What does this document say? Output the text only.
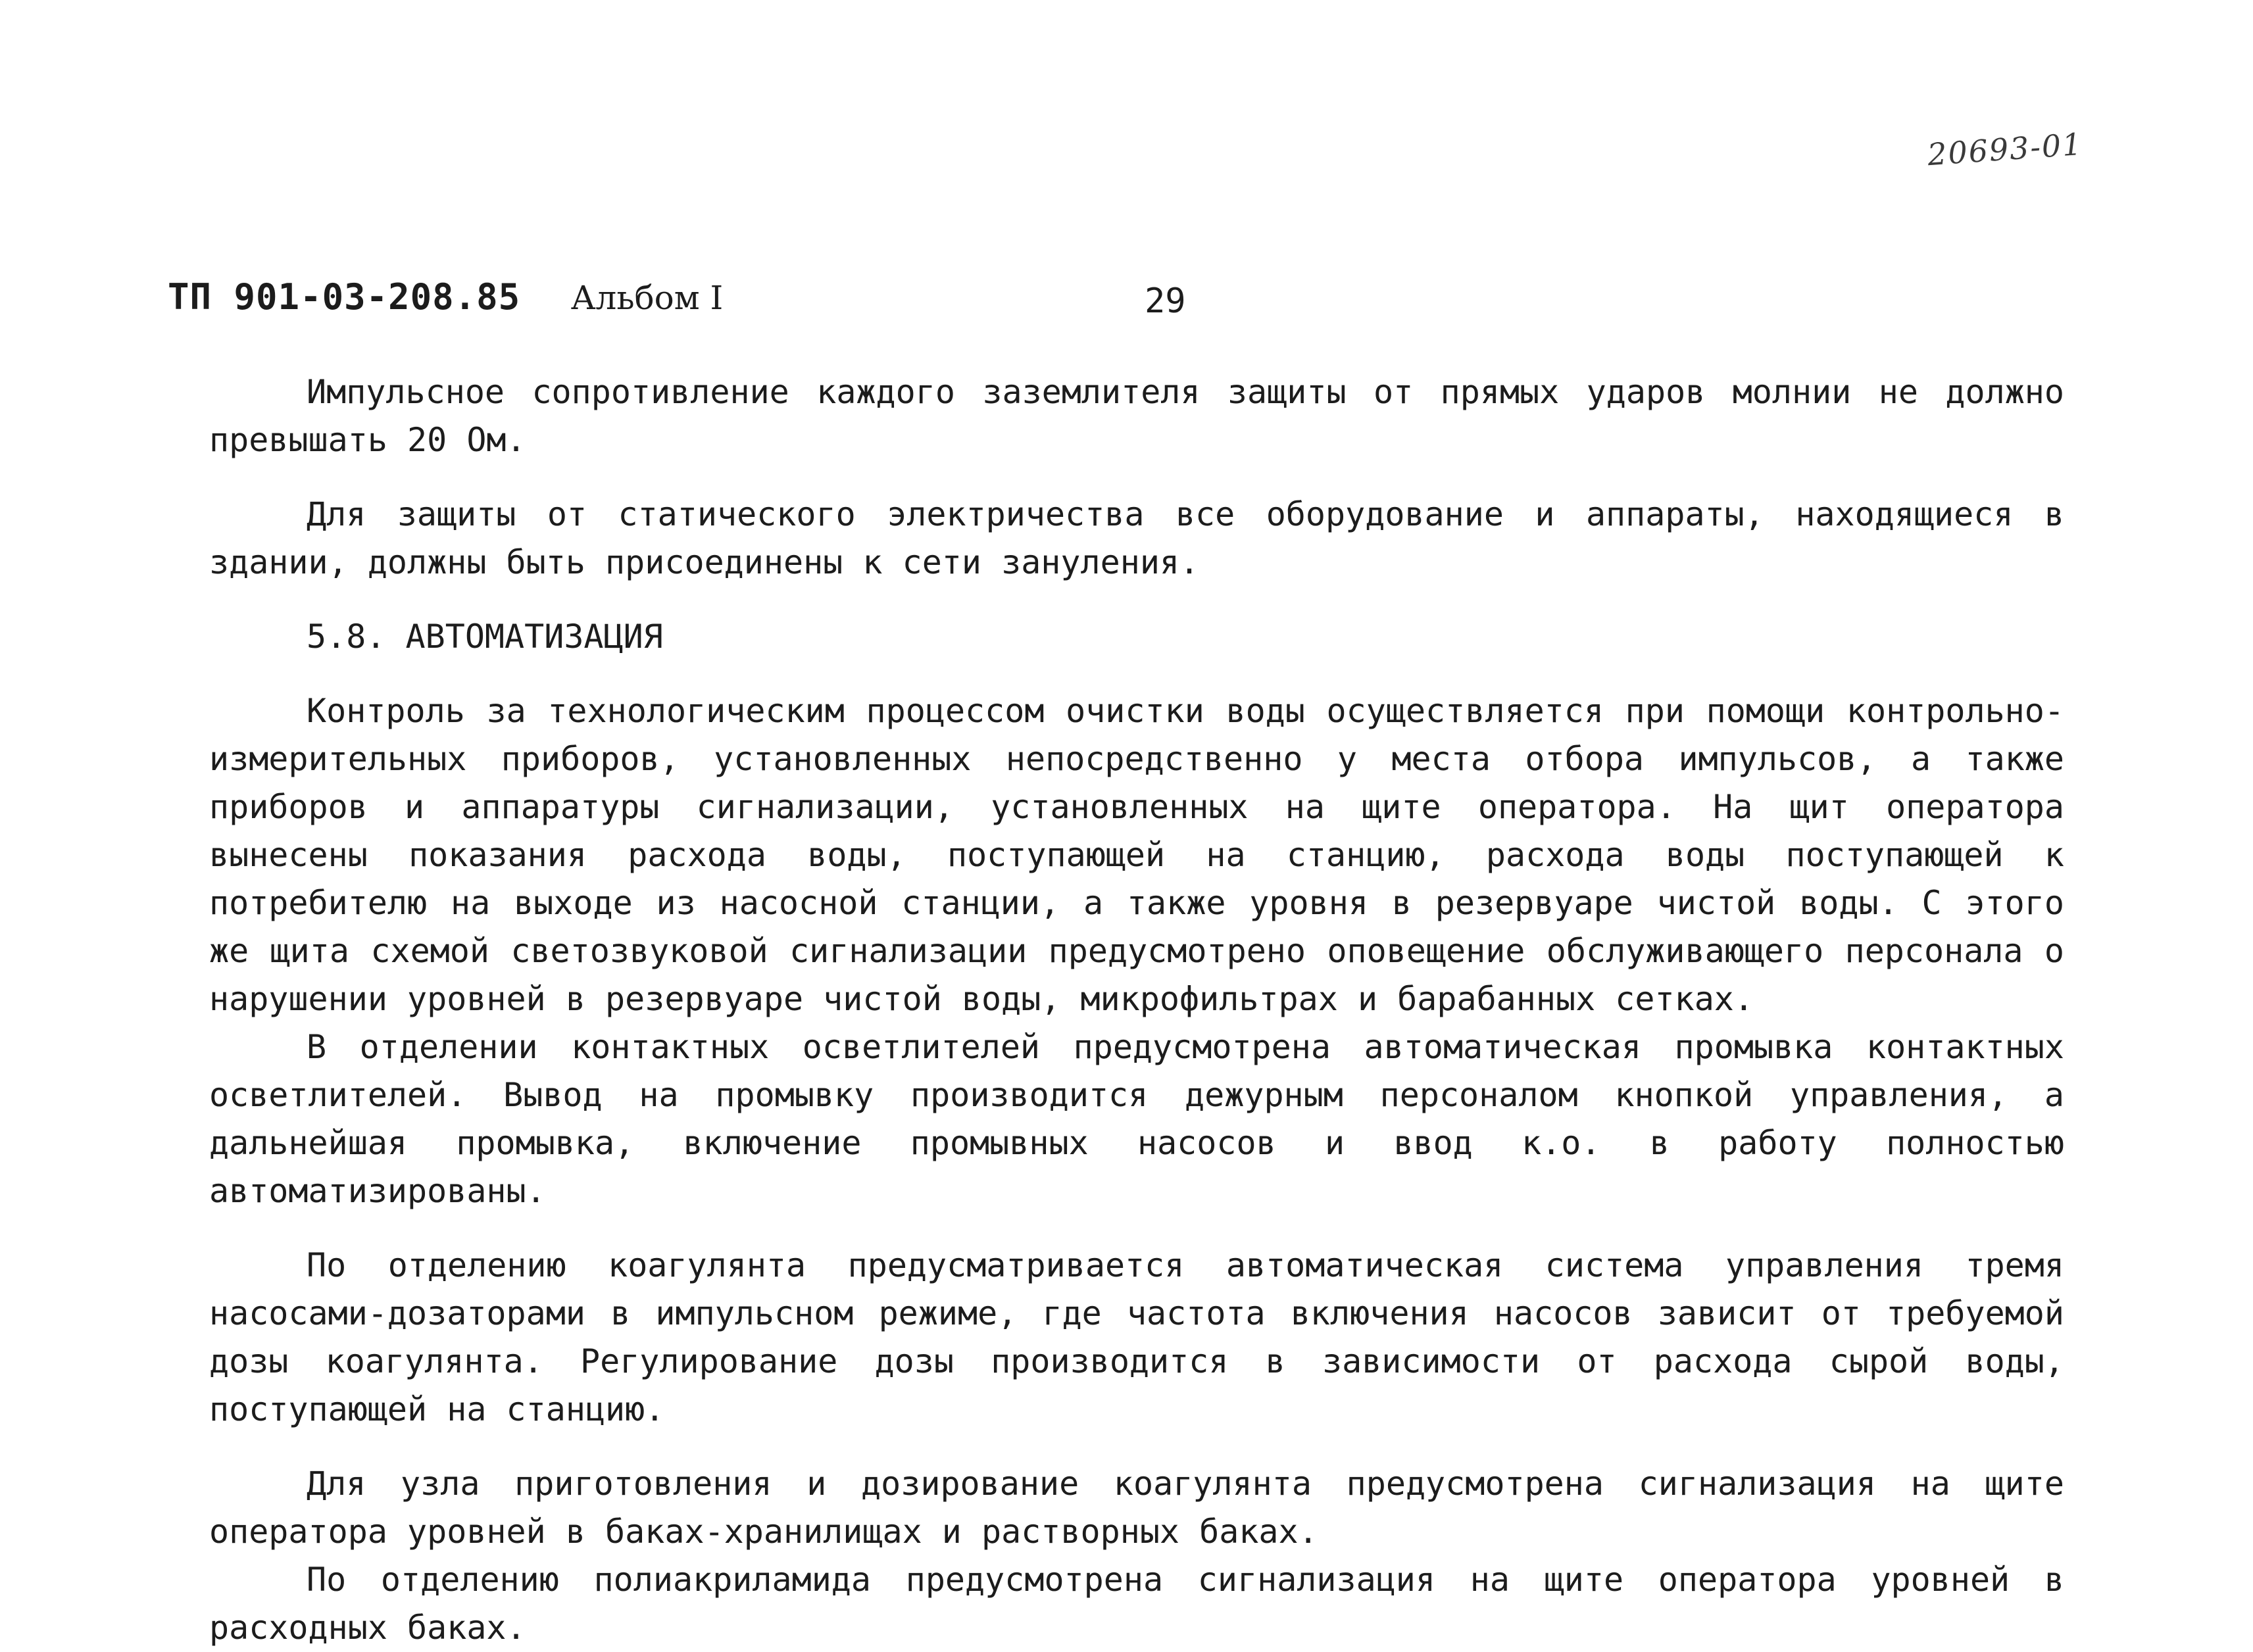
20693-01
ТП 901-03-208.85 Альбом I	29

Импульсное сопротивление каждого заземлителя защиты от прямых ударов молнии не должно превышать 20 Ом.

Для защиты от статического электричества все оборудование и аппараты, находящиеся в здании, должны быть присоединены к сети зануления.

5.8. АВТОМАТИЗАЦИЯ

Контроль за технологическим процессом очистки воды осуществляется при помощи контрольно-измерительных приборов, установленных непосредственно у места отбора импульсов, а также приборов и аппаратуры сигнализации, установленных на щите оператора. На щит оператора вынесены показания расхода воды, поступающей на станцию, расхода воды поступающей к потребителю на выходе из насосной станции, а также уровня в резервуаре чистой воды. С этого же щита схемой светозвуковой сигнализации предусмотрено оповещение обслуживающего персонала о нарушении уровней в резервуаре чистой воды, микрофильтрах и барабанных сетках.

В отделении контактных осветлителей предусмотрена автоматическая промывка контактных осветлителей. Вывод на промывку производится дежурным персоналом кнопкой управления, а дальнейшая промывка, включение промывных насосов и ввод к.о. в работу полностью автоматизированы.

По отделению коагулянта предусматривается автоматическая система управления тремя насосами-дозаторами в импульсном режиме, где частота включения насосов зависит от требуемой дозы коагулянта. Регулирование дозы производится в зависимости от расхода сырой воды, поступающей на станцию.

Для узла приготовления и дозирование коагулянта предусмотрена сигнализация на щите оператора уровней в баках-хранилищах и растворных баках.

По отделению полиакриламида предусмотрена сигнализация на щите оператора уровней в расходных баках.
